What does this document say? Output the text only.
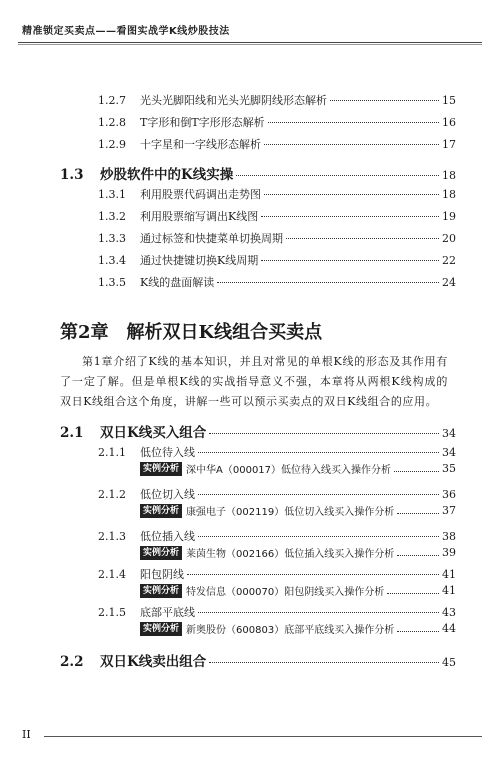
精准锁定买卖点——看图实战学K线炒股技法
1.2.7	光头光脚阳线和光头光脚阴线形态解析	15
1.2.8	T字形和倒T字形形态解析	16
1.2.9	十字星和一字线形态解析	17
1.3	炒股软件中的K线实操	18
1.3.1	利用股票代码调出走势图	18
1.3.2	利用股票缩写调出K线图	19
1.3.3	通过标签和快捷菜单切换周期	20
1.3.4	通过快捷键切换K线周期	22
1.3.5	K线的盘面解读	24
第2章 解析双日K线组合买卖点
第1章介绍了K线的基本知识，并且对常见的单根K线的形态及其作用有了一定了解。但是单根K线的实战指导意义不强，本章将从两根K线构成的双日K线组合这个角度，讲解一些可以预示买卖点的双日K线组合的应用。
2.1	双日K线买入组合	34
2.1.1	低位待入线	34
实例分析 深中华A（000017）低位待入线买入操作分析	35
2.1.2	低位切入线	36
实例分析 康强电子（002119）低位切入线买入操作分析	37
2.1.3	低位插入线	38
实例分析 莱茵生物（002166）低位插入线买入操作分析	39
2.1.4	阳包阴线	41
实例分析 特发信息（000070）阳包阴线买入操作分析	41
2.1.5	底部平底线	43
实例分析 新奥股份（600803）底部平底线买入操作分析	44
2.2	双日K线卖出组合	45
II
